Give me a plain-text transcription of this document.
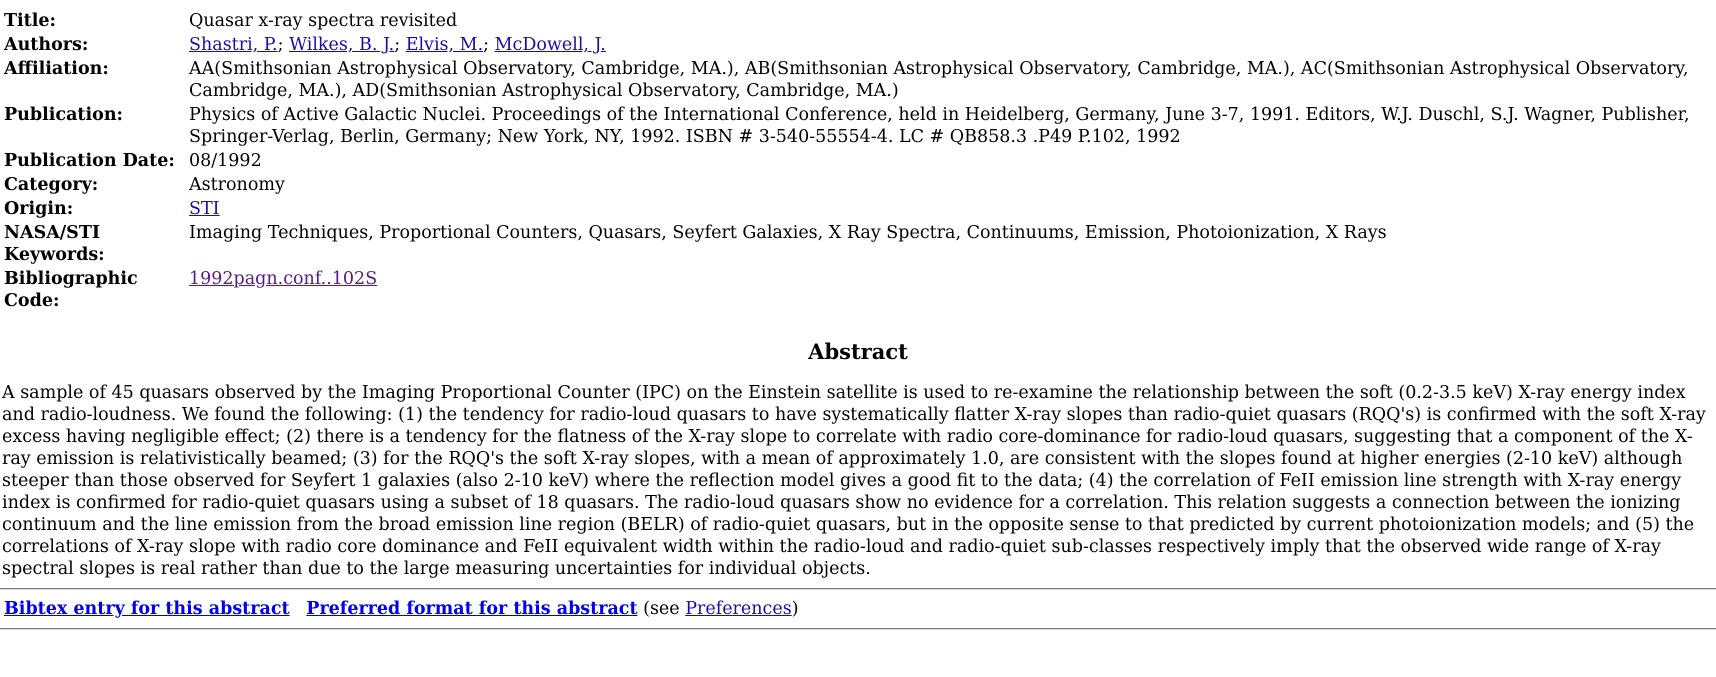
Title:	Quasar x-ray spectra revisited
Authors:	Shastri, P.; Wilkes, B. J.; Elvis, M.; McDowell, J.
Affiliation:	AA(Smithsonian Astrophysical Observatory, Cambridge, MA.), AB(Smithsonian Astrophysical Observatory, Cambridge, MA.), AC(Smithsonian Astrophysical Observatory, Cambridge, MA.), AD(Smithsonian Astrophysical Observatory, Cambridge, MA.)
Publication:	Physics of Active Galactic Nuclei. Proceedings of the International Conference, held in Heidelberg, Germany, June 3-7, 1991. Editors, W.J. Duschl, S.J. Wagner, Publisher, Springer-Verlag, Berlin, Germany; New York, NY, 1992. ISBN # 3-540-55554-4. LC # QB858.3 .P49 P.102, 1992
Publication Date:	08/1992
Category:	Astronomy
Origin:	STI
NASA/STI Keywords:	Imaging Techniques, Proportional Counters, Quasars, Seyfert Galaxies, X Ray Spectra, Continuums, Emission, Photoionization, X Rays
Bibliographic Code:	1992pagn.conf..102S
Abstract
A sample of 45 quasars observed by the Imaging Proportional Counter (IPC) on the Einstein satellite is used to re-examine the relationship between the soft (0.2-3.5 keV) X-ray energy index and radio-loudness. We found the following: (1) the tendency for radio-loud quasars to have systematically flatter X-ray slopes than radio-quiet quasars (RQQ's) is confirmed with the soft X-ray excess having negligible effect; (2) there is a tendency for the flatness of the X-ray slope to correlate with radio core-dominance for radio-loud quasars, suggesting that a component of the X-ray emission is relativistically beamed; (3) for the RQQ's the soft X-ray slopes, with a mean of approximately 1.0, are consistent with the slopes found at higher energies (2-10 keV) although steeper than those observed for Seyfert 1 galaxies (also 2-10 keV) where the reflection model gives a good fit to the data; (4) the correlation of FeII emission line strength with X-ray energy index is confirmed for radio-quiet quasars using a subset of 18 quasars. The radio-loud quasars show no evidence for a correlation. This relation suggests a connection between the ionizing continuum and the line emission from the broad emission line region (BELR) of radio-quiet quasars, but in the opposite sense to that predicted by current photoionization models; and (5) the correlations of X-ray slope with radio core dominance and FeII equivalent width within the radio-loud and radio-quiet sub-classes respectively imply that the observed wide range of X-ray spectral slopes is real rather than due to the large measuring uncertainties for individual objects.
Bibtex entry for this abstract Preferred format for this abstract (see Preferences)
